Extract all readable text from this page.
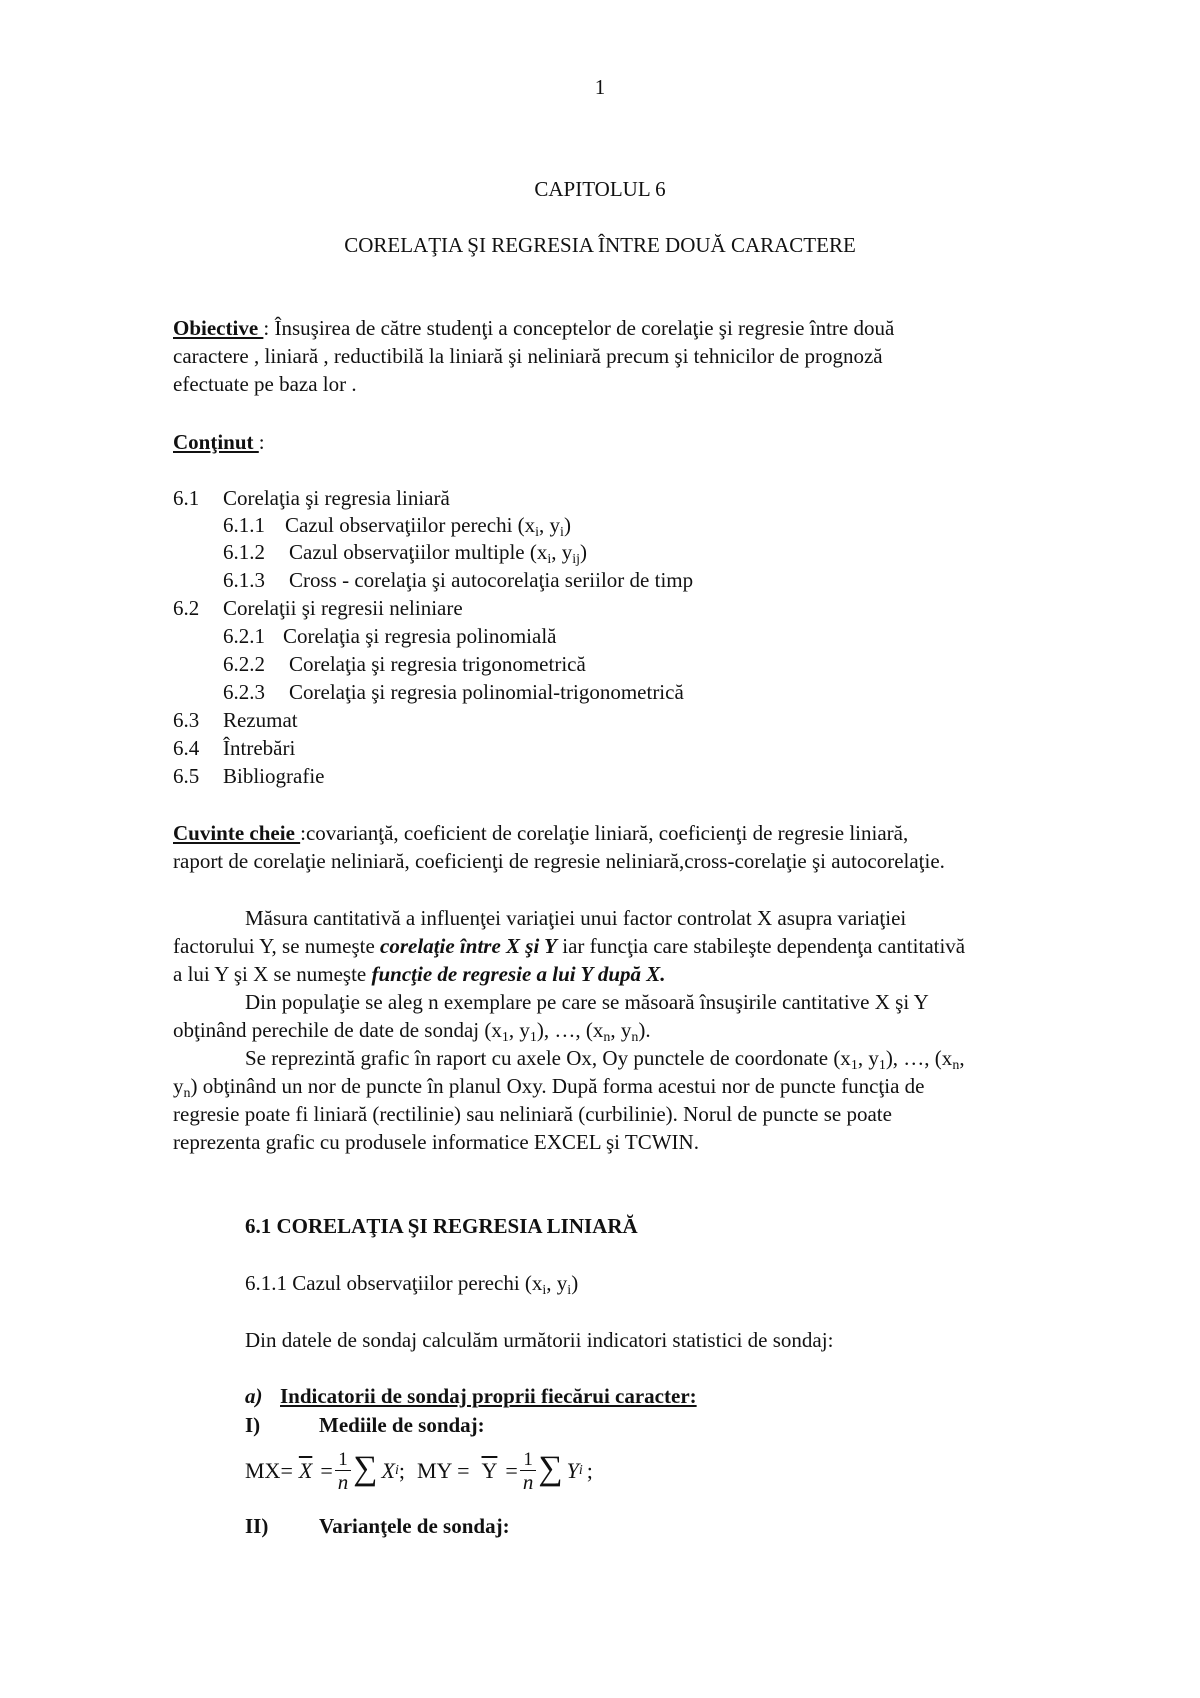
1
CAPITOLUL 6
CORELAŢIA ŞI REGRESIA ÎNTRE DOUĂ CARACTERE
Obiective : Însuşirea de către studenţi a conceptelor de corelaţie şi regresie între două
caractere , liniară , reductibilă la liniară şi neliniară precum şi tehnicilor de prognoză
efectuate pe baza lor .
Conţinut :
6.1 Corelaţia şi regresia liniară
6.1.1 Cazul observaţiilor perechi ($x_i$, $y_i$)
6.1.2 Cazul observaţiilor multiple ($x_i$, $y_{ij}$)
6.1.3 Cross - corelaţia şi autocorelaţia seriilor de timp
6.2 Corelaţii şi regresii neliniare
6.2.1 Corelaţia şi regresia polinomială
6.2.2 Corelaţia şi regresia trigonometrică
6.2.3 Corelaţia şi regresia polinomial-trigonometrică
6.3 Rezumat
6.4 Întrebări
6.5 Bibliografie
Cuvinte cheie :covarianţă, coeficient de corelaţie liniară, coeficienţi de regresie liniară,
raport de corelaţie neliniară, coeficienţi de regresie neliniară,cross-corelaţie şi autocorelaţie.
Măsura cantitativă a influenţei variaţiei unui factor controlat X asupra variaţiei
factorului Y, se numeşte corelaţie între X şi Y iar funcţia care stabileşte dependenţa cantitativă
a lui Y şi X se numeşte funcţie de regresie a lui Y după X.
Din populaţie se aleg n exemplare pe care se măsoară însuşirile cantitative X şi Y
obţinând perechile de date de sondaj ($x_1$, $y_1$), …, ($x_n$, $y_n$).
Se reprezintă grafic în raport cu axele Ox, Oy punctele de coordonate ($x_1$, $y_1$), …, ($x_n$,
$y_n$) obţinând un nor de puncte în planul Oxy. După forma acestui nor de puncte funcţia de
regresie poate fi liniară (rectilinie) sau neliniară (curbilinie). Norul de puncte se poate
reprezenta grafic cu produsele informatice EXCEL şi TCWIN.
6.1 CORELAŢIA ŞI REGRESIA LINIARĂ
6.1.1 Cazul observaţiilor perechi ($x_i$, $y_i$)
Din datele de sondaj calculăm următorii indicatori statistici de sondaj:
a) Indicatorii de sondaj proprii fiecărui caracter:
I)	Mediile de sondaj:
$MX= \overline{X} = \frac{1}{n}$ ∑ X i ; MY = $\overline{Y} = \frac{1}{n}$ ∑ Y i ;
II) Varianţele de sondaj:
